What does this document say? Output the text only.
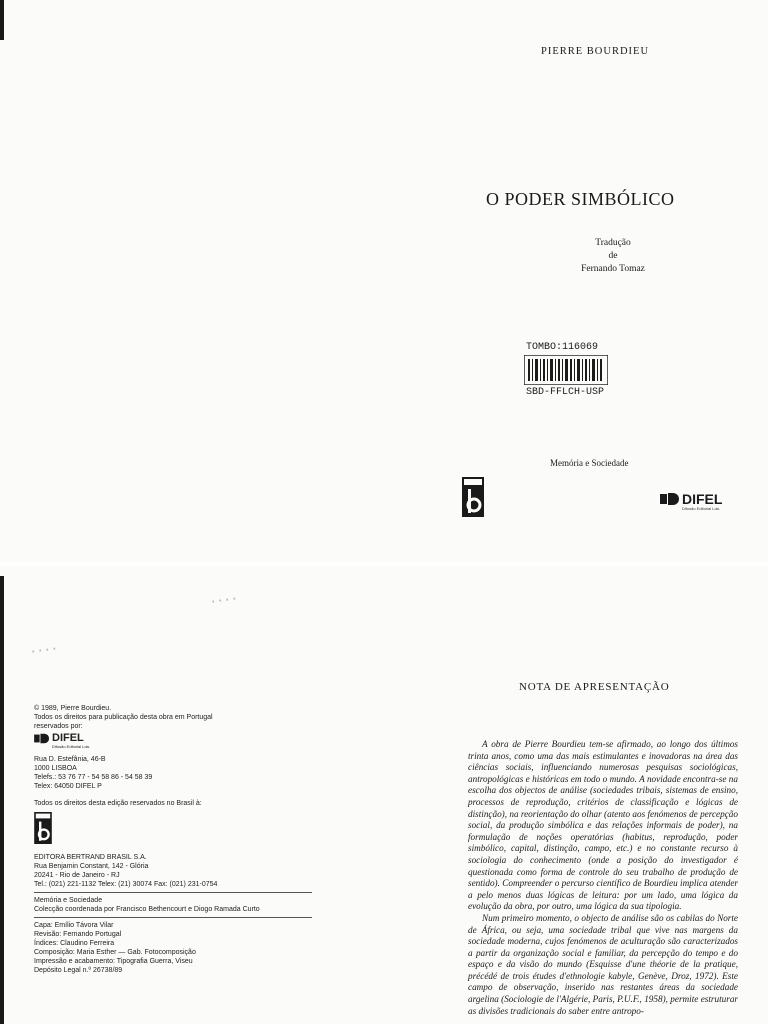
PIERRE BOURDIEU
O PODER SIMBÓLICO
Tradução
de
Fernando Tomaz
TOMBO:116069
SBD-FFLCH-USP
Memória e Sociedade
DIFEL
Difusão Editorial Lda.
....
....

© 1989, Pierre Bourdieu.

Todos os direitos para publicação desta obra em Portugal

reservados por:

DIFEL
Difusão Editorial Lda.

Rua D. Estefânia, 46-B

1000 LISBOA

Telefs.: 53 76 77 - 54 58 86 - 54 58 39

Telex: 64050 DIFEL P

Todos os direitos desta edição reservados no Brasil à:

EDITORA BERTRAND BRASIL S.A.

Rua Benjamin Constant, 142 - Glória

20241 - Rio de Janeiro - RJ

Tel.: (021) 221-1132 Telex: (21) 30074 Fax: (021) 231-0754

Memória e Sociedade

Colecção coordenada por Francisco Bethencourt e Diogo Ramada Curto

Capa: Emílio Távora Vilar

Revisão: Fernando Portugal

Índices: Claudino Ferreira

Composição: Maria Esther — Gab. Fotocomposição

Impressão e acabamento: Tipografia Guerra, Viseu

Depósito Legal n.º 26738/89

NOTA DE APRESENTAÇÃO

A obra de Pierre Bourdieu tem-se afirmado, ao longo dos últimos trinta anos, como uma das mais estimulantes e inovadoras na área das ciências sociais, influenciando numerosas pesquisas sociológicas, antropológicas e históricas em todo o mundo. A novidade encontra-se na escolha dos objectos de análise (sociedades tribais, sistemas de ensino, processos de reprodução, critérios de classificação e lógicas de distinção), na reorientação do olhar (atento aos fenómenos de percepção social, da produção simbólica e das relações informais de poder), na formulação de noções operatórias (habitus, reprodução, poder simbólico, capital, distinção, campo, etc.) e no constante recurso à sociologia do conhecimento (onde a posição do investigador é questionada como forma de controle do seu trabalho de produção de sentido). Compreender o percurso científico de Bourdieu implica atender a pelo menos duas lógicas de leitura: por um lado, uma lógica da evolução da obra, por outro, uma lógica da sua tipologia.

Num primeiro momento, o objecto de análise são os cabilas do Norte de África, ou seja, uma sociedade tribal que vive nas margens da sociedade moderna, cujos fenómenos de aculturação são caracterizados a partir da organização social e familiar, da percepção do tempo e do espaço e da visão do mundo (Esquisse d'une théorie de la pratique, précédé de trois études d'ethnologie kabyle, Genève, Droz, 1972). Este campo de observação, inserido nas restantes áreas da sociedade argelina (Sociologie de l'Algérie, Paris, P.U.F., 1958), permite estruturar as divisões tradicionais do saber entre antropo-
